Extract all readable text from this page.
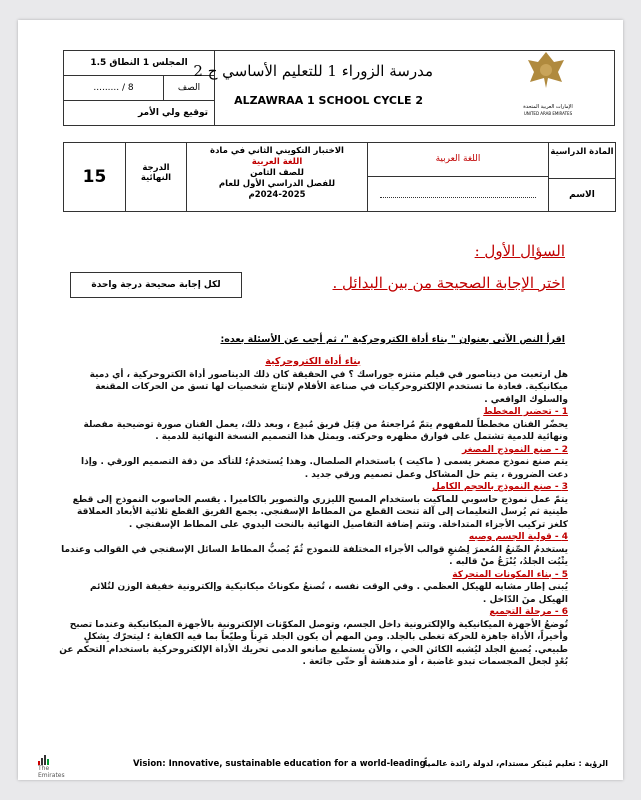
الإمارات العربية المتحدة
UNITED ARAB EMIRATES
المجلس 1 النطاق 1.5
......... / 8	الصف
توقيع ولي الأمر
مدرسة الزوراء 1 للتعليم الأساسي ح 2
ALZAWRAA 1 SCHOOL CYCLE 2
المادة الدراسية
الاسم
اللغة العربية
الاختبار التكويني الثاني في مادة
اللغة العربية
للصف الثامن
للفصل الدراسي الأول للعام
2024-2025م
الدرجة النهائية
15
السؤال الأول :
اختر الإجابة الصحيحة من بين البدائل .
لكل إجابة صحيحة درجة واحدة
اقرأ النص الآتي بعنوان " بناء أداة الكتروحركية "، ثم أجب عن الأسئلة بعده:

بناء أداة الكتروحركية

هل ارتعبت من ديناصور في فيلم متنزه جوراسك ؟ في الحقيقة كان ذلك الديناصور أداة الكتروحركية ، أي دمية ميكانيكية. فعادة ما تستخدم الإلكتروحركيات في صناعة الأفلام لإنتاج شخصيات لها تسق من الحركات المقنعة والسلوك الواقعي .

1 - تحضير المخطط

يحضّر الفنان مخططاً للمفهوم يتمّ مُراجعتهُ من قِبَل فريق مُبدِع ، وبعد ذلك، يعمل الفنان صورة توضيحية مفصلة ونهائية للدمية تشتمل على فوارق مظهره وحركته. ويمثل هذا التصميم النسخة النهائية للدمية .

2 - صنع النموذج المصغر

يتم صنع نموذج مصغر يسمى ( ماكيت ) باستخدام الصلصال. وهذا يُستخدمُ؛ للتأكد من دقة التصميم الورقي . وإذا دعت الضرورة ، يتم حل المشاكل وعمل تصميم ورقي جديد .

3 - صنع النموذج بالحجم الكامل

يتمّ عمل نموذج حاسوبي للماكيت باستخدام المسح الليزري والتصوير بالكاميرا . يقسم الحاسوب النموذج إلى قطع طينية ثم يُرسل التعليمات إلى آلة تنحت القطع من المطاط الإسفنجي. يجمع الفريق القطع ثلاثية الأبعاد العملاقة كلغز تركيب الأجزاء المتداخلة. وتتم إضافة التفاصيل النهائية بالنحت اليدوي على المطاط الإسفنجي .

4 - قولبة الجسم وصبه

يستخدمُ الصِّنعُ المُعمرَ لِصُنعِ قوالب الأجزاء المختلفة للنموذج ثُمّ يُصبُّ المطاط السائل الإسفنجي في القوالب وعندما يثْبُت الجلدُ، يُنْزَعُ منْ قالبه .

5 - بناء المكونات المتحركة

يُبنى إطار مشابه للهيكل العظمي . وفي الوقت نفسه ، تُصنعُ مكوناتٌ ميكانيكية وإلكترونية خفيفة الوزن لتُلائم الهيكل منَ الدّاخل .

6 - مرحلة التجميع

تُوضعُ الأجهزة الميكانيكية والإلكترونية داخل الجسم، وتوصل المكوّنات الإلكترونية بالأجهزة الميكانيكية وعندما تصبح وأخيراً، الأداة جاهزة للحركة تغطى بالجلد. ومن المهم أن يكون الجلد مَرِناً وطيّعاً بما فيه الكفاية ؛ ليتحرّك بِشكلٍ طبيعي. يُصبغ الجلد ليُشبه الكائن الحي ، والآن يستطيع صانعو الدمى تحريك الأداة الإلكتروحركية باستخدام التحكم عن بُعْدٍ لجعل المجسمات تبدو غاضبة ، أو مندهشة أو حتّى جائعة .

The Emirates
Vision: Innovative, sustainable education for a world-leading
الرؤية : تعليم مُبتكر مستدام، لدولة رائدة عالمياً
